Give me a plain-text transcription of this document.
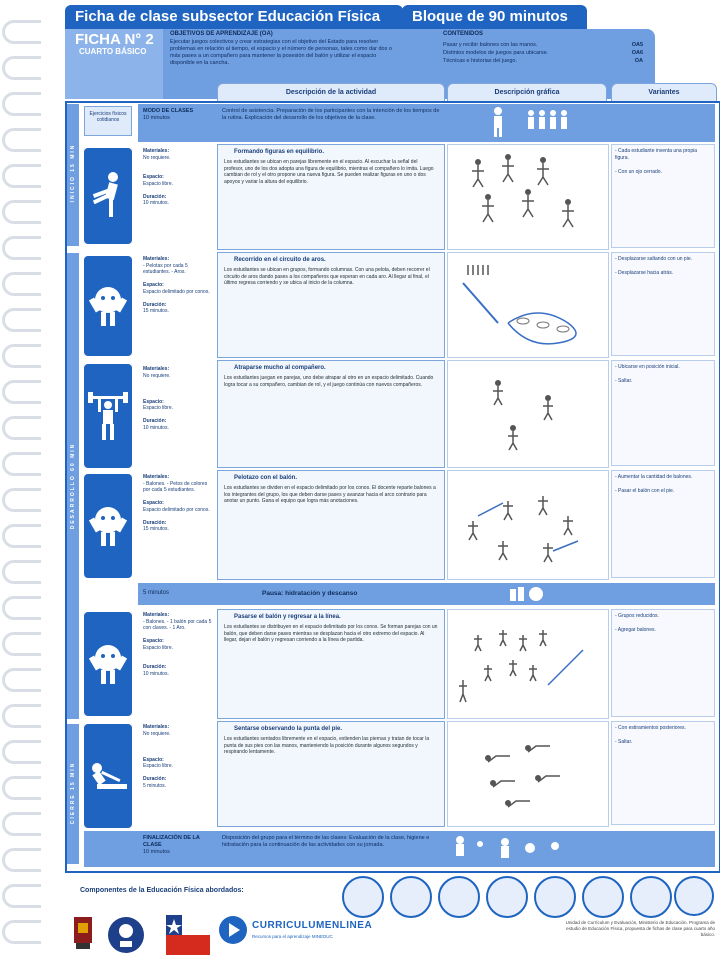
Ficha de clase subsector Educación Física	Bloque de 90 minutos
FICHA N° 2
CUARTO BÁSICO
OBJETIVOS DE APRENDIZAJE (OA)
Ejecutar juegos colectivos y crear estrategias con el objetivo del Estado para resolver problemas en relación al tiempo, el espacio y el número de personas, tales como dar dos o más pases a un compañero para mantener la posesión del balón y utilizar el espacio disponible en la cancha.
CONTENIDOS
Pasar y recibir balones con las manos.	OA5
Distintos modelos de juegos para ubicarse.	OA6
Técnicas e historias del juego.	OA
Descripción de la actividad	Descripción gráfica	Variantes
INICIO 15 MIN
DESARROLLO 60 MIN
CIERRE 15 MIN
Ejercicios físicos cotidianos
MODO DE CLASES
10 minutos
Control de asistencia. Preparación de los participantes con la intención de los tiempos de la rutina. Explicación del desarrollo de los objetivos de la clase.
Materiales:
No requiere.

Espacio:
Espacio libre.

Duración:
10 minutos.
Formando figuras en equilibrio.
Los estudiantes se ubican en parejas libremente en el espacio. Al escuchar la señal del profesor, uno de los dos adopta una figura de equilibrio, mientras el compañero lo imita. Luego cambian de rol y el otro propone una nueva figura. Se pueden realizar figuras en uno o dos apoyos y variar la altura del equilibrio.
- Cada estudiante inventa una propia figura.

- Con un ojo cerrado.
Materiales:
- Pelotas por cada 5 estudiantes. - Aros.

Espacio:
Espacio delimitado por conos.

Duración:
15 minutos.
Recorrido en el circuito de aros.
Los estudiantes se ubican en grupos, formando columnas. Con una pelota, deben recorrer el circuito de aros dando pases a los compañeros que esperan en cada aro. Al llegar al final, el último regresa corriendo y se ubica al inicio de la columna.
- Desplazarse saltando con un pie.

- Desplazarse hacia atrás.
Materiales:
No requiere.

Espacio:
Espacio libre.

Duración:
10 minutos.
Atraparse mucho al compañero.
Los estudiantes juegan en parejas, uno debe atrapar al otro en un espacio delimitado. Cuando logra tocar a su compañero, cambian de rol, y el juego continúa con nuevos compañeros.
- Ubicarse en posición inicial.

- Saltar.
Materiales:
- Balones. - Petos de colores por cada 5 estudiantes.

Espacio:
Espacio delimitado por conos.

Duración:
15 minutos.
Pelotazo con el balón.
Los estudiantes se dividen en el espacio delimitado por los conos. El docente reparte balones a los integrantes del grupo, los que deben darse pases y avanzar hacia el arco contrario para anotar un punto. Gana el equipo que logra más anotaciones.
- Aumentar la cantidad de balones.

- Pasar el balón con el pie.
5 minutos	Pausa: hidratación y descanso
Materiales:
- Balones. - 1 balón por cada 5 con claves. - 1 Aro.

Espacio:
Espacio libre.

Duración:
10 minutos.
Pasarse el balón y regresar a la línea.
Los estudiantes se distribuyen en el espacio delimitado por los conos. Se forman parejas con un balón, que deben darse pases mientras se desplazan hacia el otro extremo del espacio. Al llegar, dejan el balón y regresan corriendo a la línea de partida.
- Grupos reducidos.

- Agregar balones.
Materiales:
No requiere.

Espacio:
Espacio libre.

Duración:
5 minutos.
Sentarse observando la punta del pie.
Los estudiantes sentados libremente en el espacio, extienden las piernas y tratan de tocar la punta de sus pies con las manos, manteniendo la posición durante algunos segundos y respirando lentamente.
- Con estiramientos posteriores.

- Saltar.
FINALIZACIÓN DE LA CLASE
10 minutos
Disposición del grupo para el término de las clases: Evaluación de la clase, higiene e hidratación para la continuación de las actividades con su jornada.
Componentes de la Educación Física abordados:
CURRICULUMENLINEA
Recursos para el aprendizaje MINEDUC
Unidad de Currículum y Evaluación, Ministerio de Educación. Programa de estudio de Educación Física, propuesta de fichas de clase para cuarto año básico.
